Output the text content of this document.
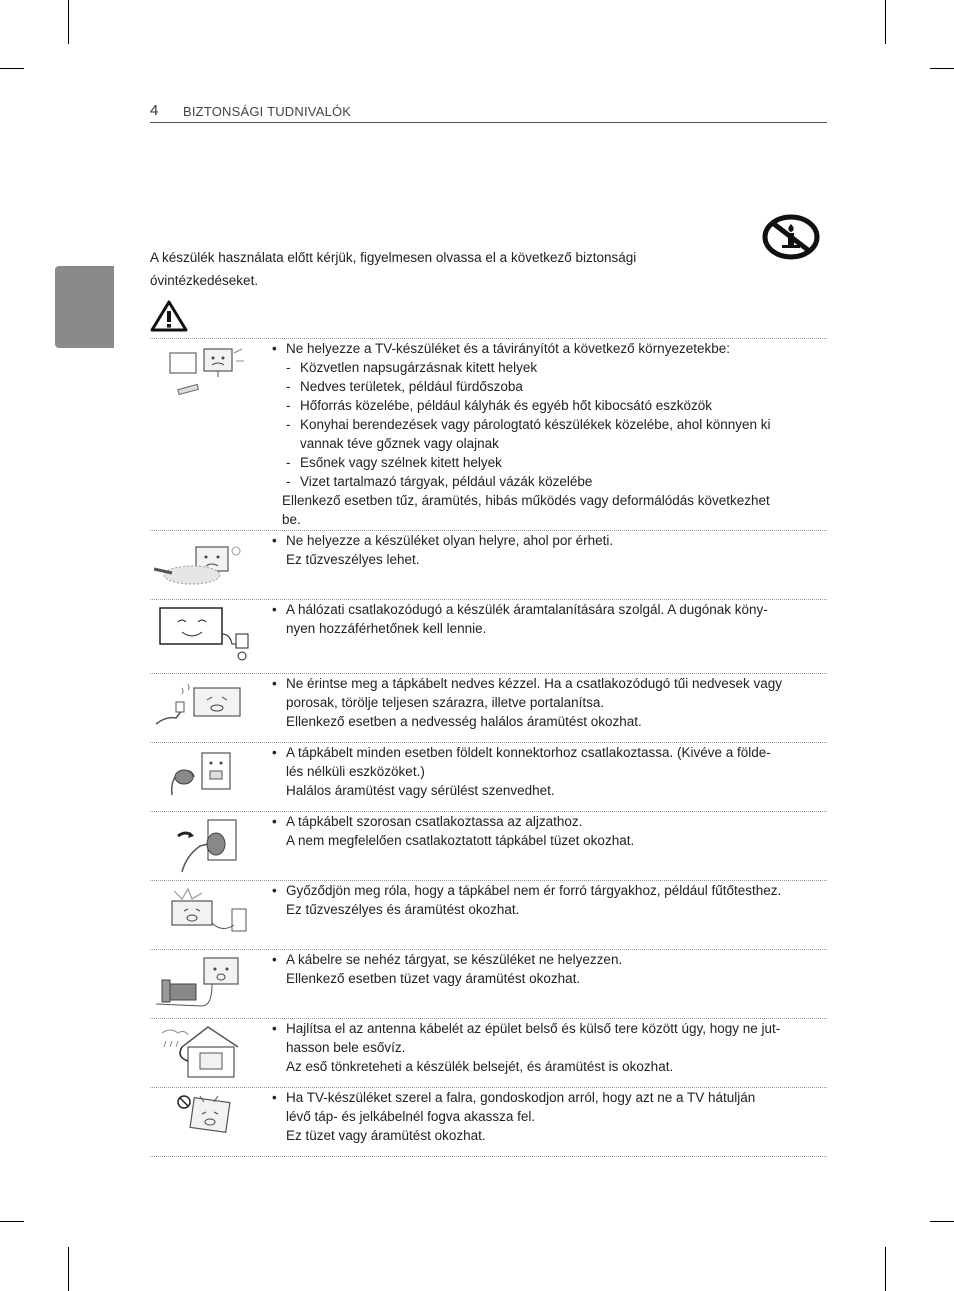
4 BIZTONSÁGI TUDNIVALÓK
A készülék használata előtt kérjük, figyelmesen olvassa el a következő biztonsági
óvintézkedéseket.
• Ne helyezze a TV-készüléket és a távirányítót a következő környezetekbe:
- Közvetlen napsugárzásnak kitett helyek
- Nedves területek, például fürdőszoba
- Hőforrás közelébe, például kályhák és egyéb hőt kibocsátó eszközök
- Konyhai berendezések vagy párologtató készülékek közelébe, ahol könnyen ki
vannak téve gőznek vagy olajnak
- Esőnek vagy szélnek kitett helyek
- Vizet tartalmazó tárgyak, például vázák közelébe
Ellenkező esetben tűz, áramütés, hibás működés vagy deformálódás következhet
be.
• Ne helyezze a készüléket olyan helyre, ahol por érheti.
Ez tűzveszélyes lehet.
• A hálózati csatlakozódugó a készülék áramtalanítására szolgál. A dugónak köny-
nyen hozzáférhetőnek kell lennie.
• Ne érintse meg a tápkábelt nedves kézzel. Ha a csatlakozódugó tűi nedvesek vagy
porosak, törölje teljesen szárazra, illetve portalanítsa.
Ellenkező esetben a nedvesség halálos áramütést okozhat.
• A tápkábelt minden esetben földelt konnektorhoz csatlakoztassa. (Kivéve a földe-
lés nélküli eszközöket.)
Halálos áramütést vagy sérülést szenvedhet.
• A tápkábelt szorosan csatlakoztassa az aljzathoz.
A nem megfelelően csatlakoztatott tápkábel tüzet okozhat.
• Győződjön meg róla, hogy a tápkábel nem ér forró tárgyakhoz, például fűtőtesthez.
Ez tűzveszélyes és áramütést okozhat.
• A kábelre se nehéz tárgyat, se készüléket ne helyezzen.
Ellenkező esetben tüzet vagy áramütést okozhat.
• Hajlítsa el az antenna kábelét az épület belső és külső tere között úgy, hogy ne jut-
hasson bele esővíz.
Az eső tönkreteheti a készülék belsejét, és áramütést is okozhat.
• Ha TV-készüléket szerel a falra, gondoskodjon arról, hogy azt ne a TV hátulján
lévő táp- és jelkábelnél fogva akassza fel.
Ez tüzet vagy áramütést okozhat.
